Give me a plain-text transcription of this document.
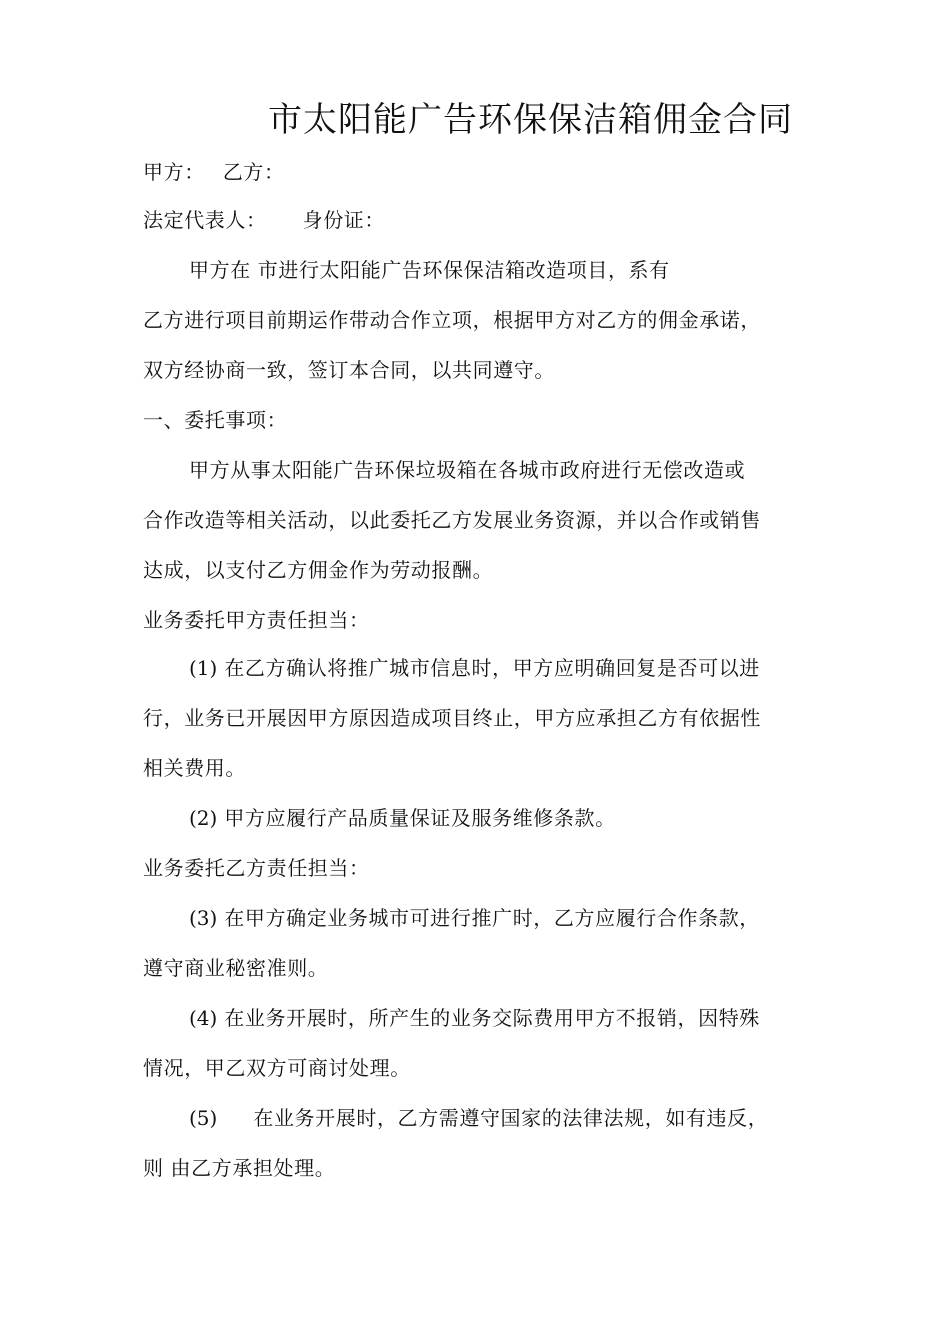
市太阳能广告环保保洁箱佣金合同
甲方： 乙方：
法定代表人： 身份证：
甲方在 市进行太阳能广告环保保洁箱改造项目，系有
乙方进行项目前期运作带动合作立项，根据甲方对乙方的佣金承诺，
双方经协商一致，签订本合同，以共同遵守。
一、委托事项：
甲方从事太阳能广告环保垃圾箱在各城市政府进行无偿改造或
合作改造等相关活动，以此委托乙方发展业务资源，并以合作或销售
达成，以支付乙方佣金作为劳动报酬。
业务委托甲方责任担当：
(1) 在乙方确认将推广城市信息时，甲方应明确回复是否可以进
行，业务已开展因甲方原因造成项目终止，甲方应承担乙方有依据性
相关费用。
(2) 甲方应履行产品质量保证及服务维修条款。
业务委托乙方责任担当：
(3) 在甲方确定业务城市可进行推广时，乙方应履行合作条款，
遵守商业秘密准则。
(4) 在业务开展时，所产生的业务交际费用甲方不报销，因特殊
情况，甲乙双方可商讨处理。
(5) 在业务开展时，乙方需遵守国家的法律法规，如有违反，
则 由乙方承担处理。
